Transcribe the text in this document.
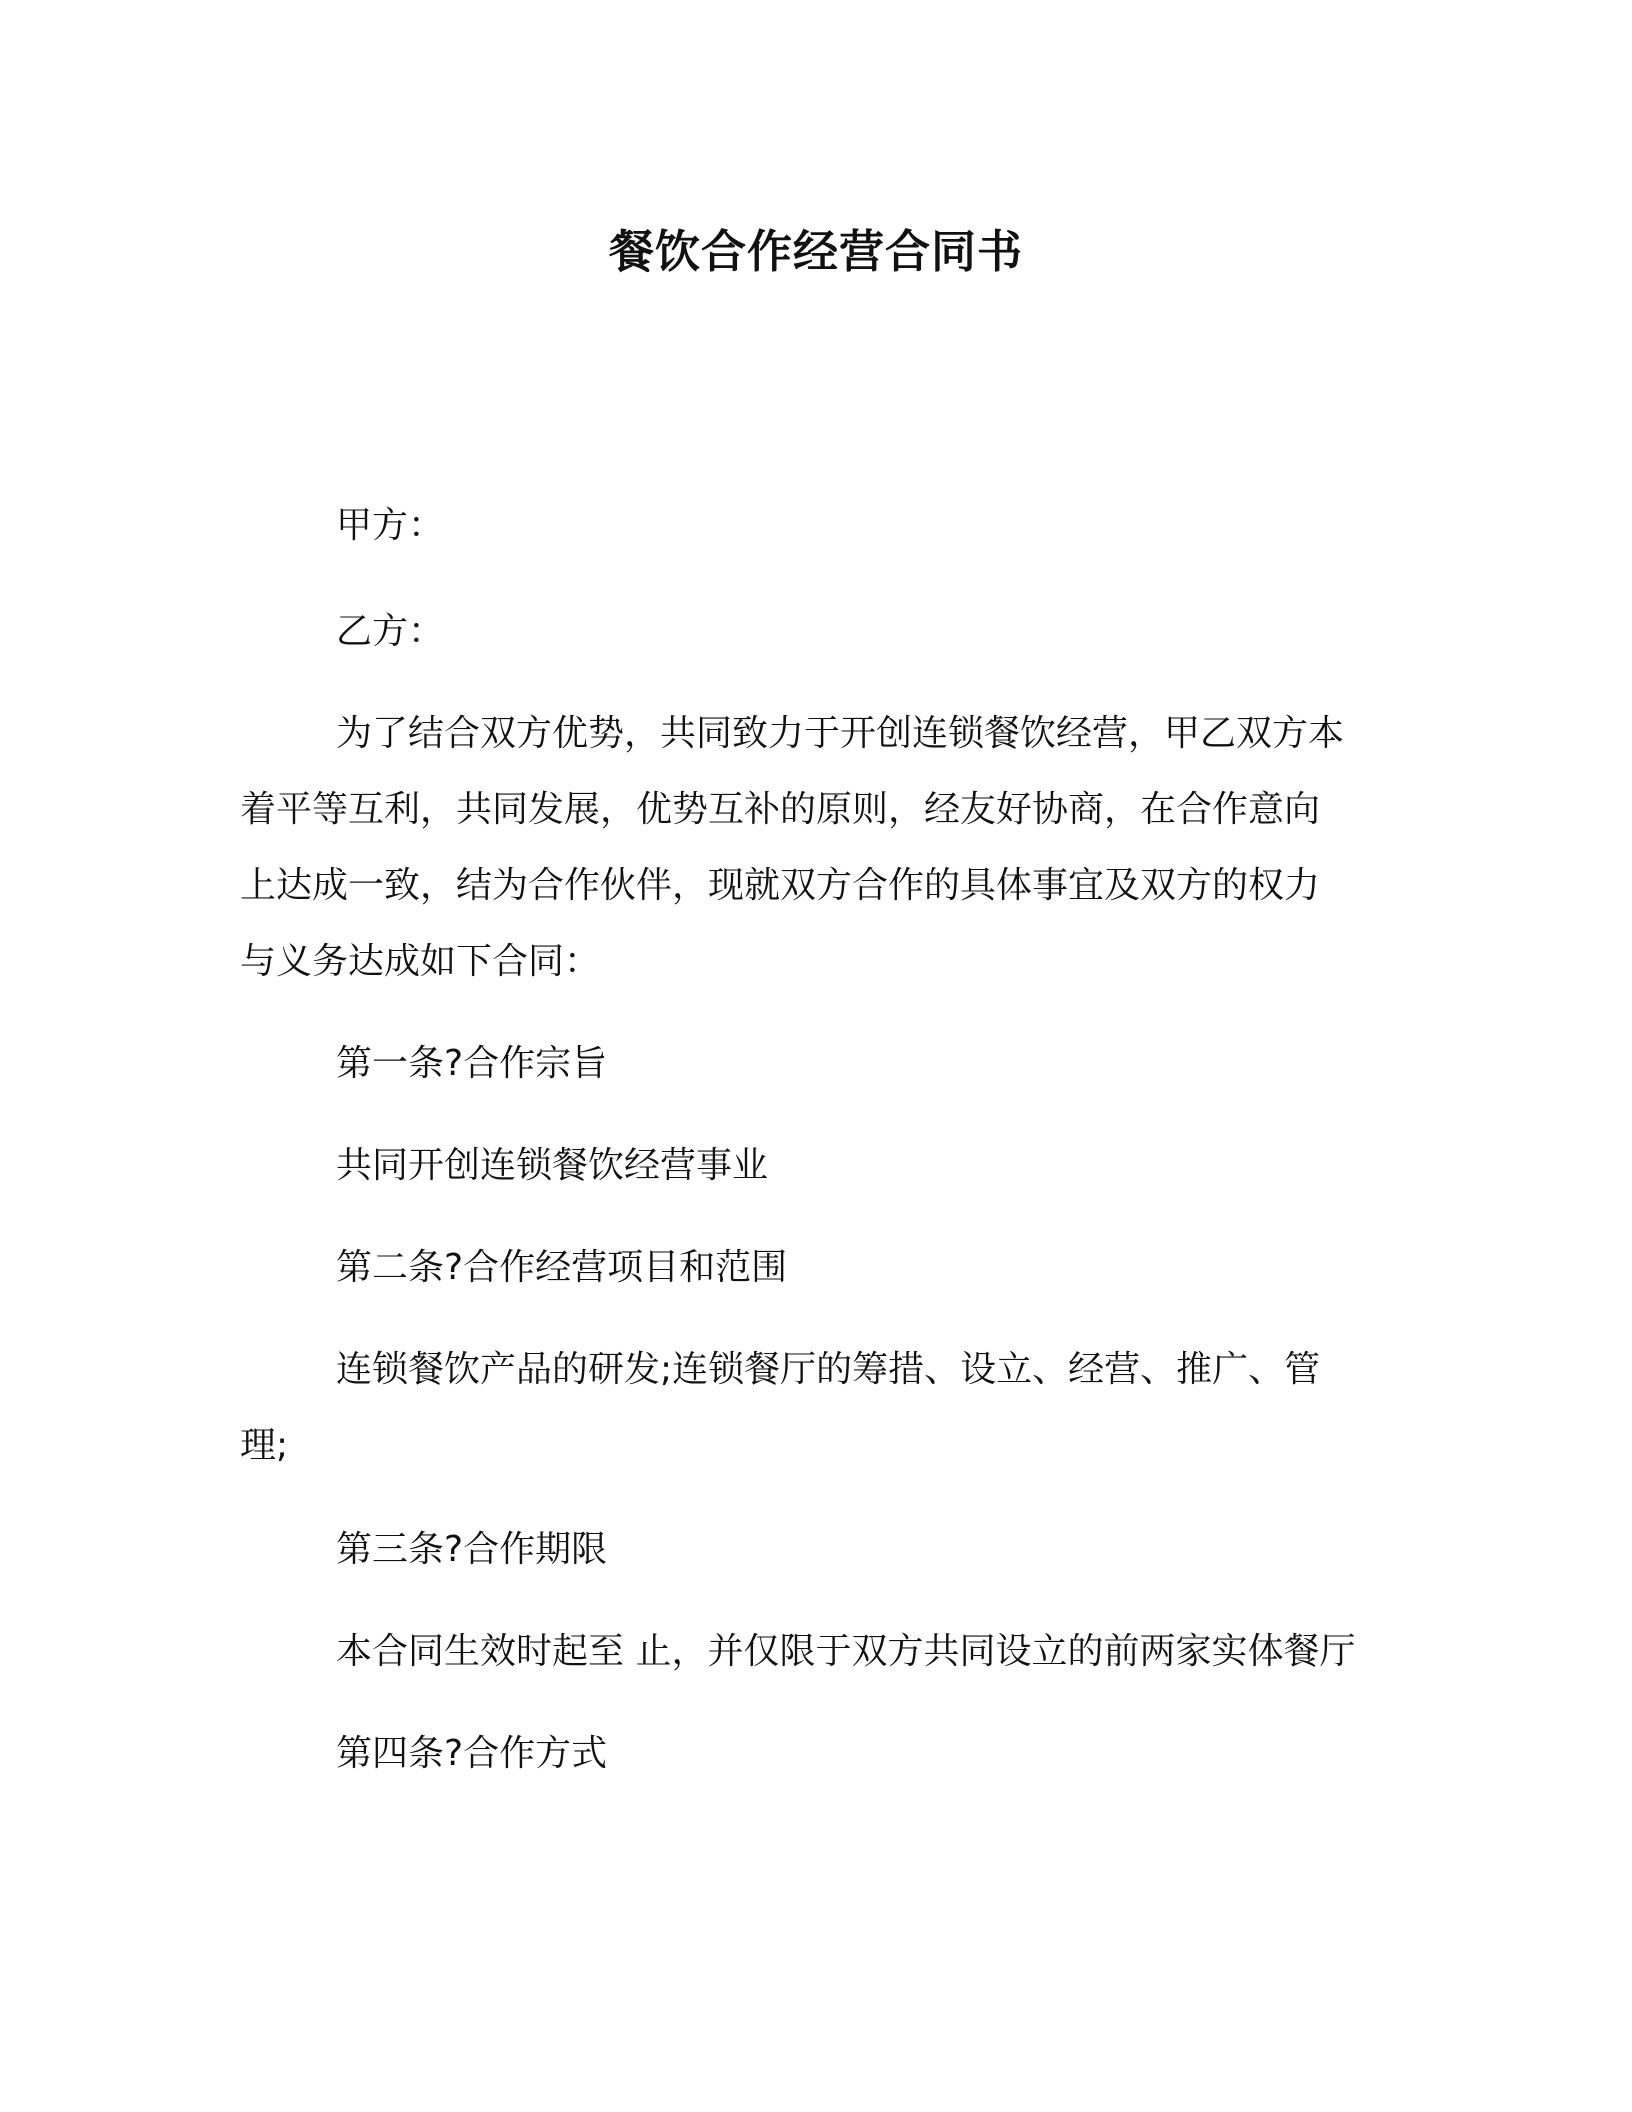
餐饮合作经营合同书
甲方：
乙方：
为了结合双方优势，共同致力于开创连锁餐饮经营，甲乙双方本
着平等互利，共同发展，优势互补的原则，经友好协商，在合作意向
上达成一致，结为合作伙伴，现就双方合作的具体事宜及双方的权力
与义务达成如下合同：
第一条?合作宗旨
共同开创连锁餐饮经营事业
第二条?合作经营项目和范围
连锁餐饮产品的研发;连锁餐厅的筹措、设立、经营、推广、管
理;
第三条?合作期限
本合同生效时起至 止，并仅限于双方共同设立的前两家实体餐厅
第四条?合作方式
